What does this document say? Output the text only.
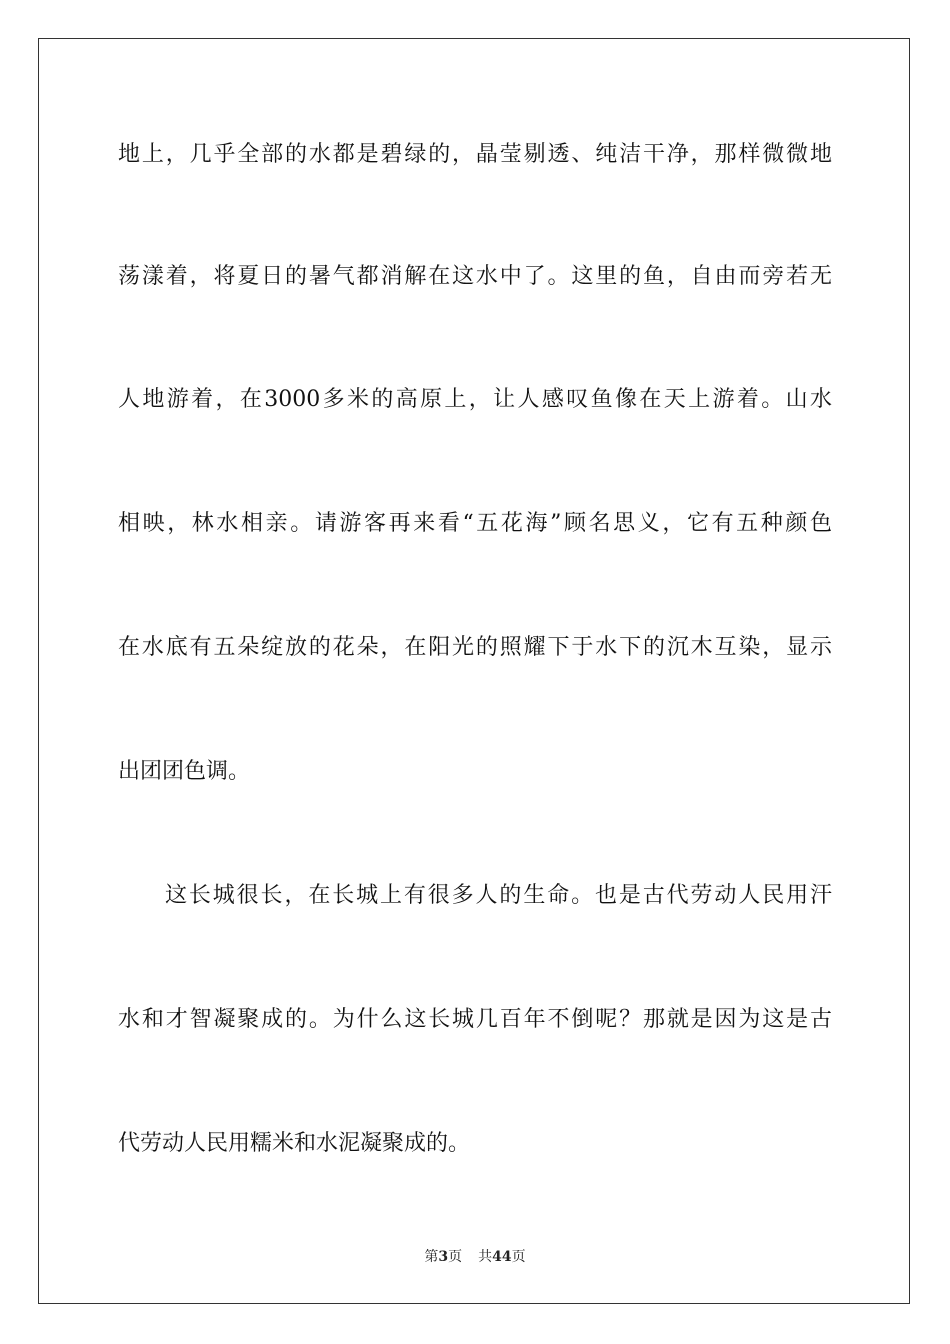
地上，几乎全部的水都是碧绿的，晶莹剔透、纯洁干净，那样微微地
荡漾着，将夏日的暑气都消解在这水中了。这里的鱼，自由而旁若无
人地游着，在3000多米的高原上，让人感叹鱼像在天上游着。山水
相映，林水相亲。请游客再来看“五花海”顾名思义，它有五种颜色
在水底有五朵绽放的花朵，在阳光的照耀下于水下的沉木互染，显示
出团团色调。
这长城很长，在长城上有很多人的生命。也是古代劳动人民用汗
水和才智凝聚成的。为什么这长城几百年不倒呢？那就是因为这是古
代劳动人民用糯米和水泥凝聚成的。
第3页 共44页
